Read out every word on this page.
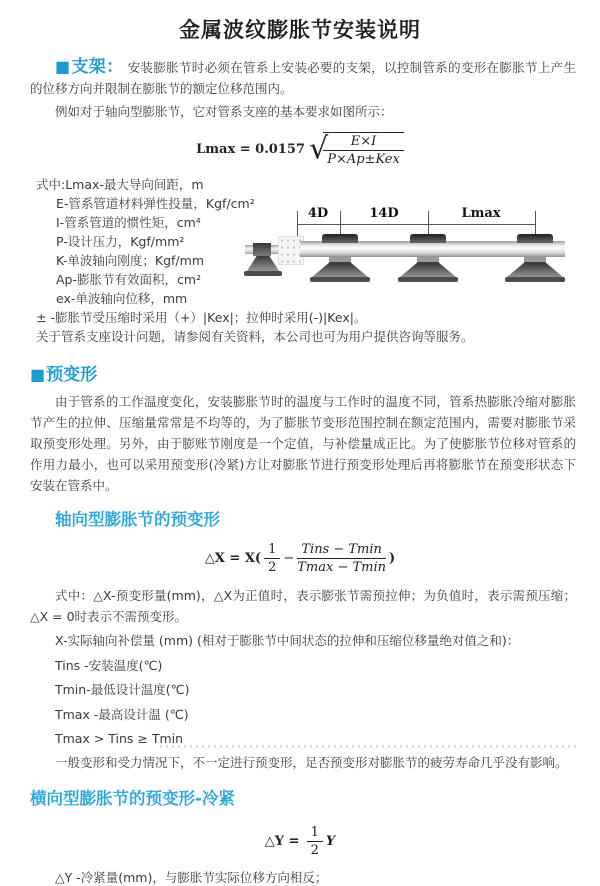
金属波纹膨胀节安装说明

■支架： 安装膨胀节时必须在管系上安装必要的支架，以控制管系的变形在膨胀节上产生的位移方向并限制在膨胀节的额定位移范围内。

例如对于轴向型膨胀节，它对管系支座的基本要求如图所示：

Lmax = 0.0157 √
$\frac{E\times I}{\text{P×Ap±Kex}}$
式中:Lmax-最大导向间距，m
E-管系管道材料弹性投量，Kgf/cm²
I-管系管道的惯性矩，cm⁴
P-设计压力，Kgf/mm²
K-单波轴向刚度；Kgf/mm
Ap-膨胀节有效面积，cm²
ex-单波轴向位移，mm
± -膨胀节受压缩时采用（+）|Kex|；拉伸时采用(-)|Kex|。
关于管系支座设计问题，请参阅有关资料，本公司也可为用户提供咨询等服务。
4D	14D	Lmax
■预变形

由于管系的工作温度变化，安装膨胀节时的温度与工作时的温度不同，管系热膨胀冷缩对膨胀节产生的拉伸、压缩量常常是不均等的，为了膨胀节变形范围控制在额定范围内，需要对膨胀节采取预变形处理。另外，由于膨账节刚度是一个定值，与补偿量成正比。为了使膨胀节位移对管系的作用力最小，也可以采用预变形(冷紧)方让对膨胀节进行预变形处理后再将膨胀节在预变形状态下安装在管系中。

轴向型膨胀节的预变形
△X = $X( \frac{1}{2} - \frac{\text{Tins − Tmin}}{Tmax - Tmin}$ )

式中：△X-预变形量(mm)，△X为正值时，表示膨张节需预拉伸；为负值时，表示需预压缩；△X = 0时表示不需预变形。

X-实际轴向补偿量 (mm) (相对于膨胀节中间状态的拉伸和压缩位移量绝对值之和)：
Tins -安装温度(℃)
Tmin-最低设计温度(℃)
Tmax -最高设计温 (℃)
Tmax > Tins ≥ Tmin

一般变形和受力情况下，不一定进行预变形，足否预变形对膨胀节的疲劳寿命几乎没有影响。

横向型膨胀节的预变形-冷紧
△Y = $\frac{1}{2}$ Y
△Y -冷紧量(mm)，与膨胀节实际位移方向相反；
